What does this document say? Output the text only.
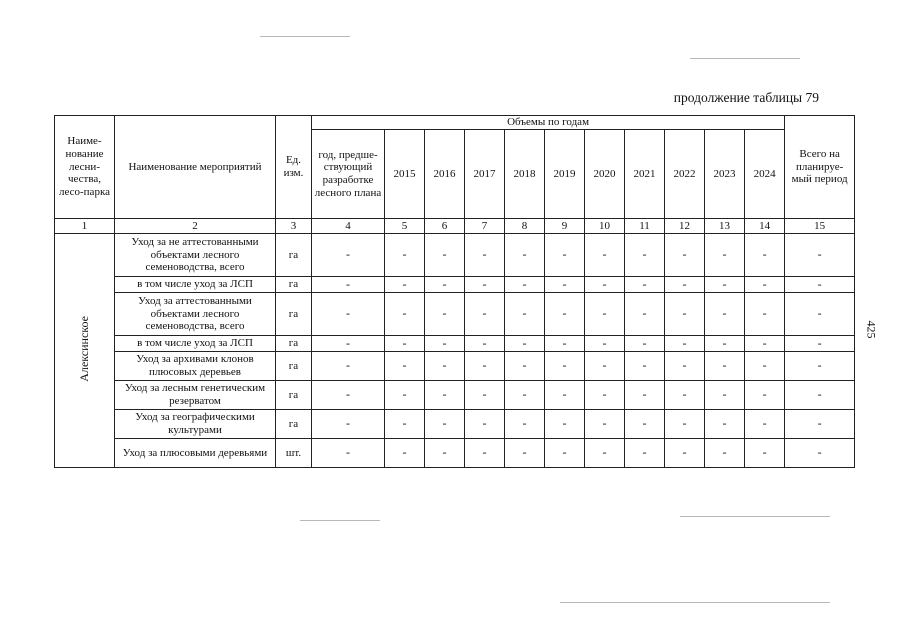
продолжение таблицы 79
425
Наиме-нование лесни-чества, лесо-парка	Наименование мероприятий	Ед. изм.	Объемы по годам											Всего на планируе-мый период
			год, предше-ствующий разработке лесного плана	2015	2016	2017	2018	2019	2020	2021	2022	2023	2024	
1	2	3	4	5	6	7	8	9	10	11	12	13	14	15
Алексинское	Уход за не аттестованными объектами лесного семеноводства, всего	га	-	-	-	-	-	-	-	-	-	-	-	-
	в том числе уход за ЛСП	га	-	-	-	-	-	-	-	-	-	-	-	-
	Уход за аттестованными объектами лесного семеноводства, всего	га	-	-	-	-	-	-	-	-	-	-	-	-
	в том числе уход за ЛСП	га	-	-	-	-	-	-	-	-	-	-	-	-
	Уход за архивами клонов плюсовых деревьев	га	-	-	-	-	-	-	-	-	-	-	-	-
	Уход за лесным генетическим резерватом	га	-	-	-	-	-	-	-	-	-	-	-	-
	Уход за географическими культурами	га	-	-	-	-	-	-	-	-	-	-	-	-
	Уход за плюсовыми деревьями	шт.	-	-	-	-	-	-	-	-	-	-	-	-
